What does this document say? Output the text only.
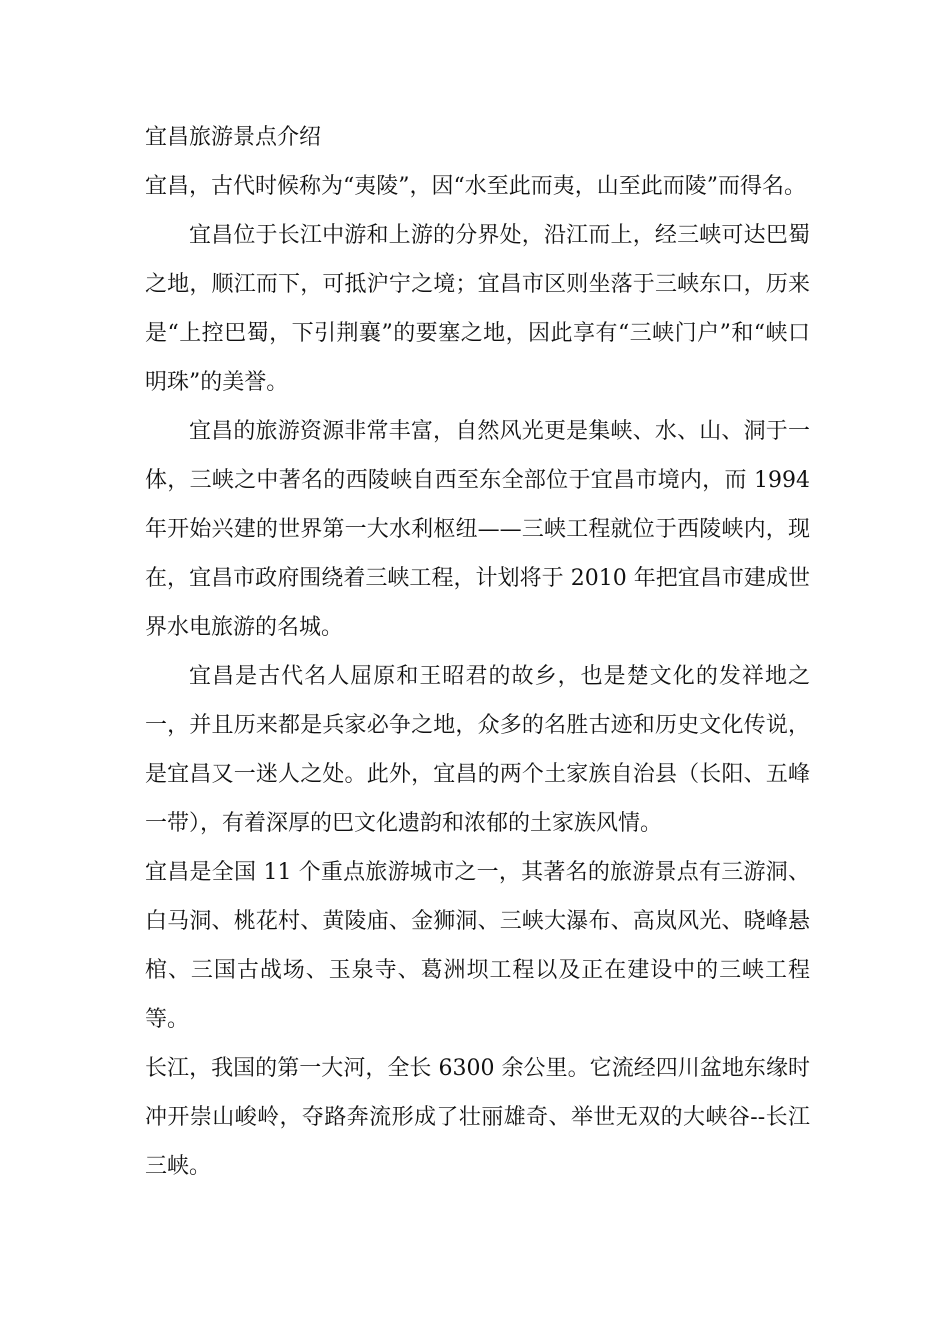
宜昌旅游景点介绍

宜昌，古代时候称为“夷陵”，因“水至此而夷，山至此而陵”而得名。

宜昌位于长江中游和上游的分界处，沿江而上，经三峡可达巴蜀之地，顺江而下，可抵沪宁之境；宜昌市区则坐落于三峡东口，历来是“上控巴蜀，下引荆襄”的要塞之地，因此享有“三峡门户”和“峡口明珠”的美誉。

宜昌的旅游资源非常丰富，自然风光更是集峡、水、山、洞于一体，三峡之中著名的西陵峡自西至东全部位于宜昌市境内，而 1994 年开始兴建的世界第一大水利枢纽——三峡工程就位于西陵峡内，现在，宜昌市政府围绕着三峡工程，计划将于 2010 年把宜昌市建成世界水电旅游的名城。

宜昌是古代名人屈原和王昭君的故乡，也是楚文化的发祥地之一，并且历来都是兵家必争之地，众多的名胜古迹和历史文化传说，是宜昌又一迷人之处。此外，宜昌的两个土家族自治县（长阳、五峰一带），有着深厚的巴文化遗韵和浓郁的土家族风情。

宜昌是全国 11 个重点旅游城市之一，其著名的旅游景点有三游洞、白马洞、桃花村、黄陵庙、金狮洞、三峡大瀑布、高岚风光、晓峰悬棺、三国古战场、玉泉寺、葛洲坝工程以及正在建设中的三峡工程等。

长江，我国的第一大河，全长 6300 余公里。它流经四川盆地东缘时冲开崇山峻岭，夺路奔流形成了壮丽雄奇、举世无双的大峡谷--长江三峡。
